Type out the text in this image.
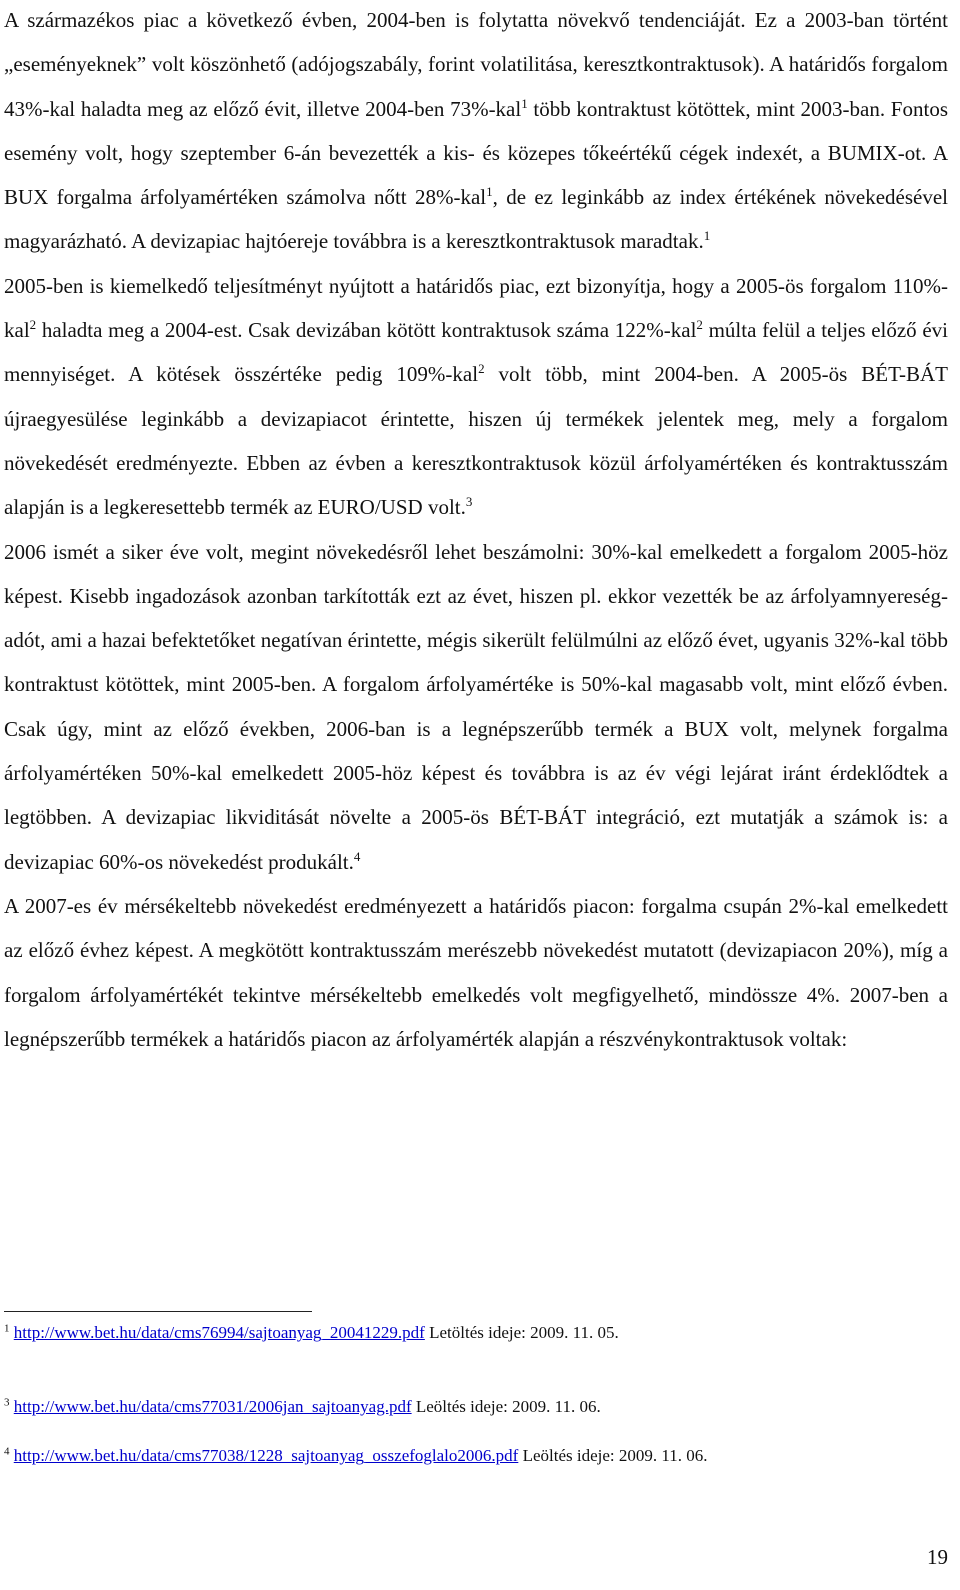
A származékos piac a következő évben, 2004-ben is folytatta növekvő tendenciáját. Ez a 2003-ban történt „eseményeknek” volt köszönhető (adójogszabály, forint volatilitása, keresztkontraktusok). A határidős forgalom 43%-kal haladta meg az előző évit, illetve 2004-ben 73%-kal$^1$ több kontraktust kötöttek, mint 2003-ban. Fontos esemény volt, hogy szeptember 6-án bevezették a kis- és közepes tőkeértékű cégek indexét, a BUMIX-ot. A BUX forgalma árfolyamértéken számolva nőtt 28%-kal$^1$, de ez leginkább az index értékének növekedésével magyarázható. A devizapiac hajtóereje továbbra is a keresztkontraktusok maradtak.$^1$

2005-ben is kiemelkedő teljesítményt nyújtott a határidős piac, ezt bizonyítja, hogy a 2005-ös forgalom 110%-kal$^2$ haladta meg a 2004-est. Csak devizában kötött kontraktusok száma 122%-kal$^2$ múlta felül a teljes előző évi mennyiséget. A kötések összértéke pedig 109%-kal$^2$ volt több, mint 2004-ben. A 2005-ös BÉT-BÁT újraegyesülése leginkább a devizapiacot érintette, hiszen új termékek jelentek meg, mely a forgalom növekedését eredményezte. Ebben az évben a keresztkontraktusok közül árfolyamértéken és kontraktusszám alapján is a legkeresettebb termék az EURO/USD volt.$^3$

2006 ismét a siker éve volt, megint növekedésről lehet beszámolni: 30%-kal emelkedett a forgalom 2005-höz képest. Kisebb ingadozások azonban tarkították ezt az évet, hiszen pl. ekkor vezették be az árfolyamnyereség-adót, ami a hazai befektetőket negatívan érintette, mégis sikerült felülmúlni az előző évet, ugyanis 32%-kal több kontraktust kötöttek, mint 2005-ben. A forgalom árfolyamértéke is 50%-kal magasabb volt, mint előző évben. Csak úgy, mint az előző években, 2006-ban is a legnépszerűbb termék a BUX volt, melynek forgalma árfolyamértéken 50%-kal emelkedett 2005-höz képest és továbbra is az év végi lejárat iránt érdeklődtek a legtöbben. A devizapiac likviditását növelte a 2005-ös BÉT-BÁT integráció, ezt mutatják a számok is: a devizapiac 60%-os növekedést produkált.$^4$

A 2007-es év mérsékeltebb növekedést eredményezett a határidős piacon: forgalma csupán 2%-kal emelkedett az előző évhez képest. A megkötött kontraktusszám merészebb növekedést mutatott (devizapiacon 20%), míg a forgalom árfolyamértékét tekintve mérsékeltebb emelkedés volt megfigyelhető, mindössze 4%. 2007-ben a legnépszerűbb termékek a határidős piacon az árfolyamérték alapján a részvénykontraktusok voltak:

$^1$ http://www.bet.hu/data/cms76994/sajtoanyag_20041229.pdf Letöltés ideje: 2009. 11. 05.
$^3$ http://www.bet.hu/data/cms77031/2006jan_sajtoanyag.pdf Leöltés ideje: 2009. 11. 06.
$^4$ http://www.bet.hu/data/cms77038/1228_sajtoanyag_osszefoglalo2006.pdf Leöltés ideje: 2009. 11. 06.
19
